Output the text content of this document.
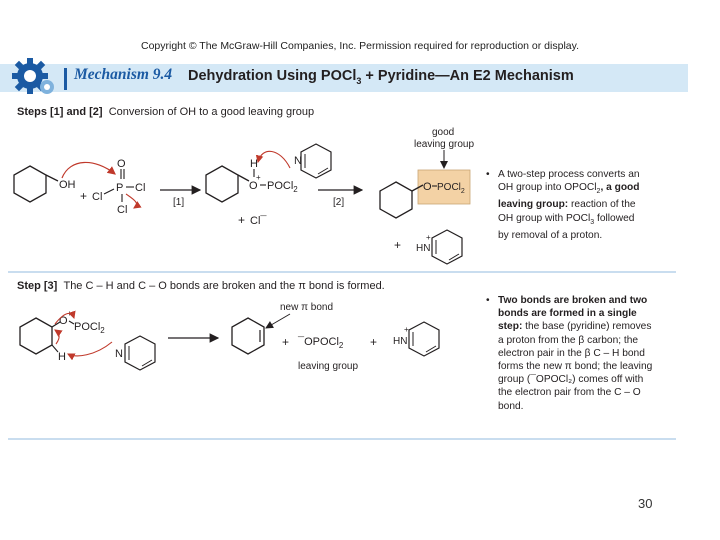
Copyright © The McGraw-Hill Companies, Inc. Permission required for reproduction or display.
Mechanism 9.4 Dehydration Using POCl$_3$ + Pyridine—An E2 Mechanism
Steps [1] and [2] Conversion of OH to a good leaving group
OH
+
P
O
Cl
Cl
Cl
[1]
O
+
H
POCl$_2$
N
+ Cl¯
[2]
O POCl$_2$
good
leaving group
+ HN
+
• A two-step process converts an
OH group into OPOCl$_2$, a good
leaving group: reaction of the
OH group with POCl$_3$ followed
by removal of a proton.
Step [3] The C – H and C – O bonds are broken and the π bond is formed.
O
+
POCl$_2$
H	N
new π bond
+ ¯OPOCl$_2$
leaving group
+ HN
+
• Two bonds are broken and two
bonds are formed in a single
step: the base (pyridine) removes
a proton from the β carbon; the
electron pair in the β C – H bond
forms the new π bond; the leaving
group (¯OPOCl₂) comes off with
the electron pair from the C – O
bond.
30
